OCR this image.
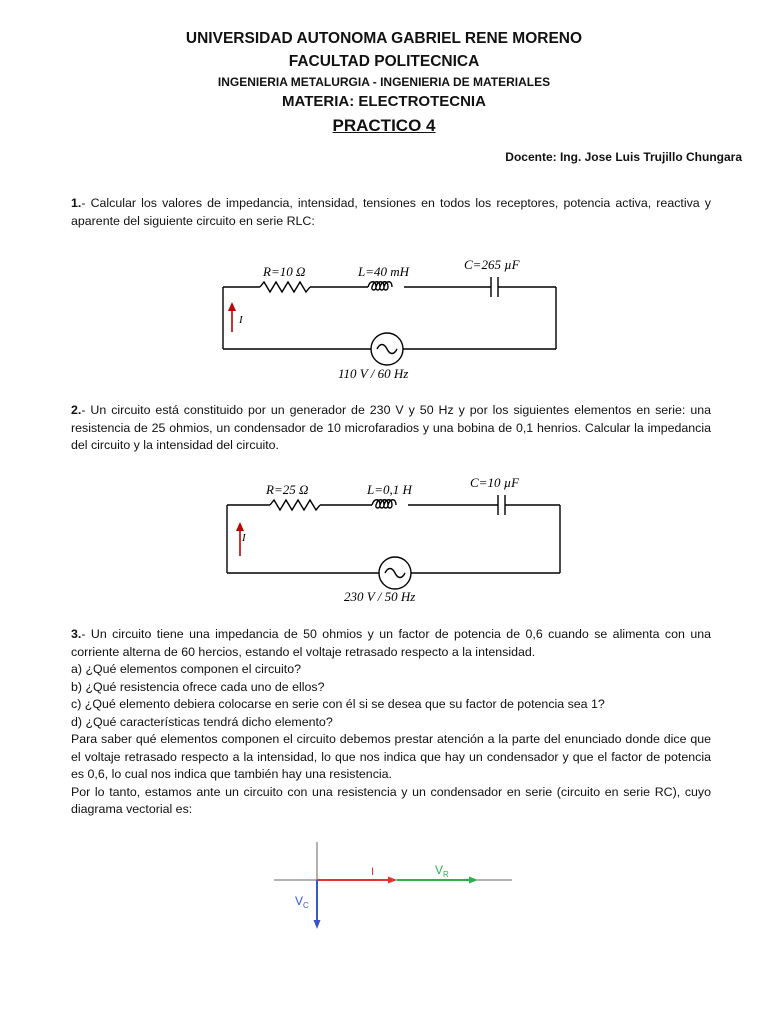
UNIVERSIDAD AUTONOMA GABRIEL RENE MORENO
FACULTAD POLITECNICA
INGENIERIA METALURGIA - INGENIERIA DE MATERIALES
MATERIA: ELECTROTECNIA
PRACTICO 4
Docente: Ing. Jose Luis Trujillo Chungara
1.- Calcular los valores de impedancia, intensidad, tensiones en todos los receptores, potencia activa, reactiva y aparente del siguiente circuito en serie RLC:
R=10 Ω	L=40 mH	C=265 µF
I
110 V / 60 Hz
2.- Un circuito está constituido por un generador de 230 V y 50 Hz y por los siguientes elementos en serie: una resistencia de 25 ohmios, un condensador de 10 microfaradios y una bobina de 0,1 henrios. Calcular la impedancia del circuito y la intensidad del circuito.
R=25 Ω	L=0,1 H	C=10 µF
I
230 V / 50 Hz
3.- Un circuito tiene una impedancia de 50 ohmios y un factor de potencia de 0,6 cuando se alimenta con una corriente alterna de 60 hercios, estando el voltaje retrasado respecto a la intensidad.
a) ¿Qué elementos componen el circuito?
b) ¿Qué resistencia ofrece cada uno de ellos?
c) ¿Qué elemento debiera colocarse en serie con él si se desea que su factor de potencia sea 1?
d) ¿Qué características tendrá dicho elemento?
Para saber qué elementos componen el circuito debemos prestar atención a la parte del enunciado donde dice que el voltaje retrasado respecto a la intensidad, lo que nos indica que hay un condensador y que el factor de potencia es 0,6, lo cual nos indica que también hay una resistencia.
Por lo tanto, estamos ante un circuito con una resistencia y un condensador en serie (circuito en serie RC), cuyo diagrama vectorial es:
I	$V_R$
$V_C$
